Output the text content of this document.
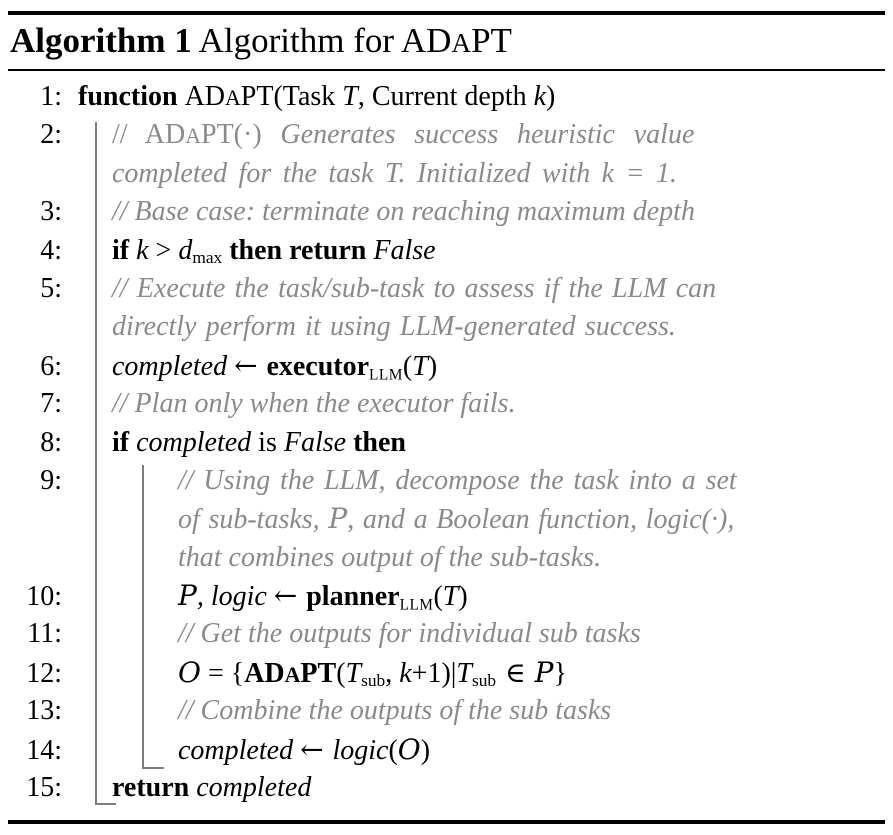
Algorithm 1 Algorithm for ADAPT
1: function ADAPT(Task T, Current depth k)
2: // ADAPT(·) Generates success heuristic value
completed for the task T. Initialized with k = 1.
3: // Base case: terminate on reaching maximum depth
4: if k > dmax then return False
5: // Execute the task/sub-task to assess if the LLM can
directly perform it using LLM-generated success.
6: completed ← executorLLM(T)
7: // Plan only when the executor fails.
8: if completed is False then
9:	// Using the LLM, decompose the task into a set
of sub-tasks, P, and a Boolean function, logic(·),
that combines output of the sub-tasks.
10:	P, logic ← plannerLLM(T)
11:	// Get the outputs for individual sub tasks
12:	O = {ADAPT(Tsub, k+1)|Tsub ∈ P}
13:	// Combine the outputs of the sub tasks
14:	completed ← logic(O)
15: return completed
